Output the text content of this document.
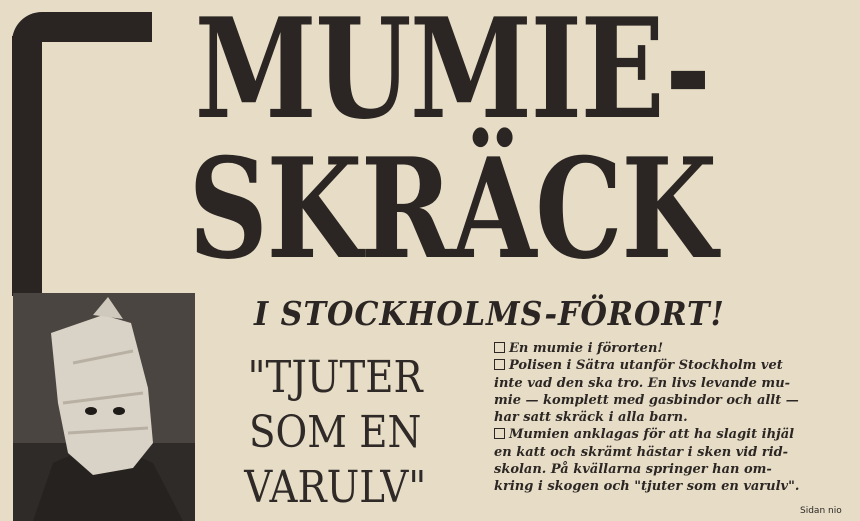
MUMIE-
SKRÄCK
I STOCKHOLMS-FÖRORT!
"TJUTER
SOM EN
VARULV"
En mumie i förorten!
Polisen i Sätra utanför Stockholm vet
inte vad den ska tro. En livs levande mu-
mie — komplett med gasbindor och allt —
har satt skräck i alla barn.
Mumien anklagas för att ha slagit ihjäl
en katt och skrämt hästar i sken vid rid-
skolan. På kvällarna springer han om-
kring i skogen och "tjuter som en varulv".
Sidan nio
